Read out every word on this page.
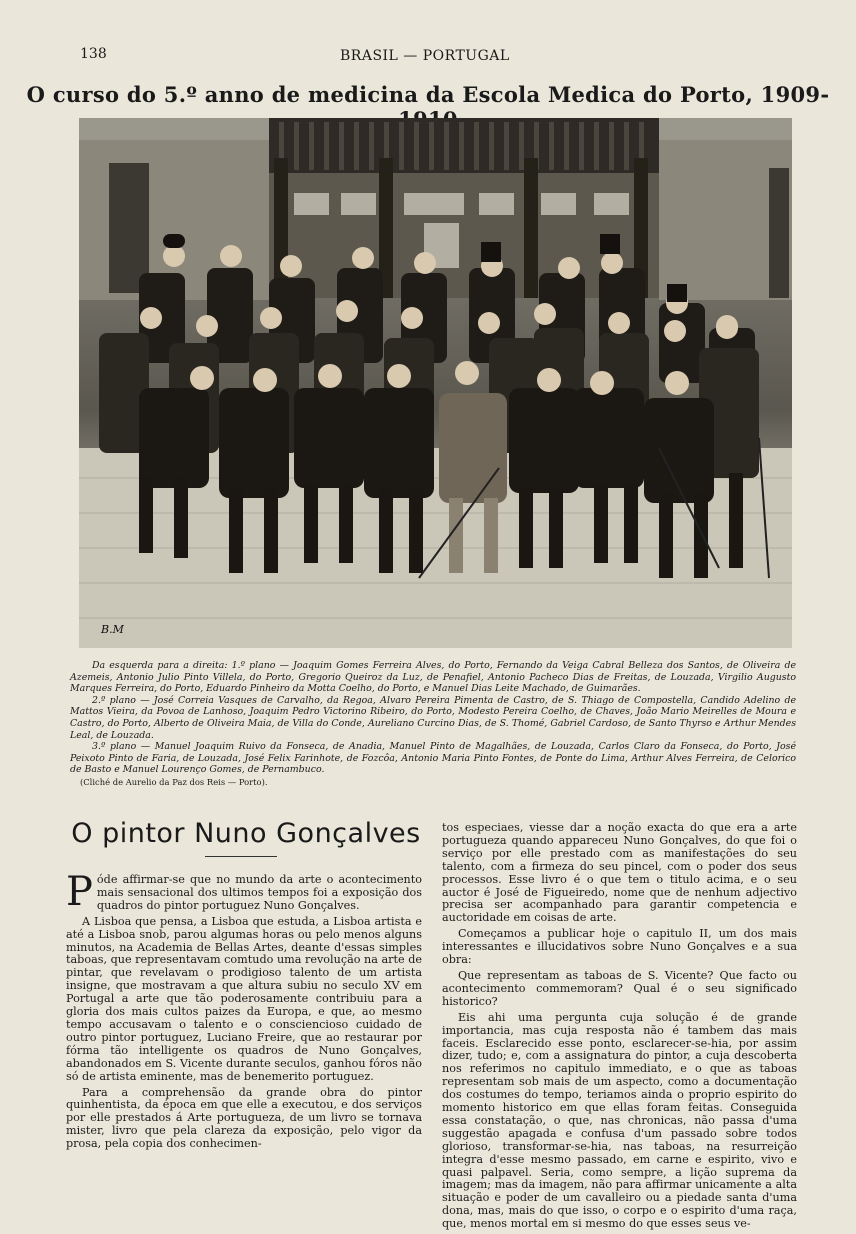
138	BRASIL — PORTUGAL
O curso do 5.º anno de medicina da Escola Medica do Porto, 1909-
B.M

Da esquerda para a direita: 1.º plano — Joaquim Gomes Ferreira Alves, do Porto, Fernando da Veiga Cabral Belleza dos Santos, de Oliveira de Azemeis, Antonio Julio Pinto Villela, do Porto, Gregorio Queiroz da Luz, de Penafiel, Antonio Pacheco Dias de Freitas, de Louzada, Virgilio Augusto Marques Ferreira, do Porto, Eduardo Pinheiro da Motta Coelho, do Porto, e Manuel Dias Leite Machado, de Guimarães.

2.º plano — José Correia Vasques de Carvalho, da Regoa, Alvaro Pereira Pimenta de Castro, de S. Thiago de Compostella, Candido Adelino de Mattos Vieira, da Povoa de Lanhoso, Joaquim Pedro Victorino Ribeiro, do Porto, Modesto Pereira Coelho, de Chaves, João Mario Meirelles de Moura e Castro, do Porto, Alberto de Oliveira Maia, de Villa do Conde, Aureliano Curcino Dias, de S. Thomé, Gabriel Cardoso, de Santo Thyrso e Arthur Mendes Leal, de Louzada.

3.º plano — Manuel Joaquim Ruivo da Fonseca, de Anadia, Manuel Pinto de Magalhães, de Louzada, Carlos Claro da Fonseca, do Porto, José Peixoto Pinto de Faria, de Louzada, José Felix Farinhote, de Fozcôa, Antonio Maria Pinto Fontes, de Ponte do Lima, Arthur Alves Ferreira, de Celorico de Basto e Manuel Lourenço Gomes, de Pernambuco.

(Cliché de Aurelio da Paz dos Reis — Porto).

O pintor Nuno Gonçalves

Póde affirmar-se que no mundo da arte o acontecimento mais sensacional dos ultimos tempos foi a exposição dos quadros do pintor portuguez Nuno Gonçalves.

A Lisboa que pensa, a Lisboa que estuda, a Lisboa artista e até a Lisboa snob, parou algumas horas ou pelo menos alguns minutos, na Academia de Bellas Artes, deante d'essas simples taboas, que representavam comtudo uma revolução na arte de pintar, que revelavam o prodigioso talento de um artista insigne, que mostravam a que altura subiu no seculo XV em Portugal a arte que tão poderosamente contribuiu para a gloria dos mais cultos paizes da Europa, e que, ao mesmo tempo accusavam o talento e o consciencioso cuidado de outro pintor portuguez, Luciano Freire, que ao restaurar por fórma tão intelligente os quadros de Nuno Gonçalves, abandonados em S. Vicente durante seculos, ganhou fóros não só de artista eminente, mas de benemerito portuguez.

Para a comprehensão da grande obra do pintor quinhentista, da época em que elle a executou, e dos serviços por elle prestados á Arte portugueza, de um livro se tornava mister, livro que pela clareza da exposição, pelo vigor da prosa, pela copia dos conhecimen-

tos especiaes, viesse dar a noção exacta do que era a arte portugueza quando appareceu Nuno Gonçalves, do que foi o serviço por elle prestado com as manifestações do seu talento, com a firmeza do seu pincel, com o poder dos seus processos. Esse livro é o que tem o titulo acima, e o seu auctor é José de Figueiredo, nome que de nenhum adjectivo precisa ser acompanhado para garantir competencia e auctoridade em coisas de arte.

Começamos a publicar hoje o capitulo II, um dos mais interessantes e illucidativos sobre Nuno Gonçalves e a sua obra:

Que representam as taboas de S. Vicente? Que facto ou acontecimento commemoram? Qual é o seu significado historico?

Eis ahi uma pergunta cuja solução é de grande importancia, mas cuja resposta não é tambem das mais faceis. Esclarecido esse ponto, esclarecer-se-hia, por assim dizer, tudo; e, com a assignatura do pintor, a cuja descoberta nos referimos no capitulo immediato, e o que as taboas representam sob mais de um aspecto, como a documentação dos costumes do tempo, teriamos ainda o proprio espirito do momento historico em que ellas foram feitas. Conseguida essa constatação, o que, nas chronicas, não passa d'uma suggestão apagada e confusa d'um passado sobre todos glorioso, transformar-se-hia, nas taboas, na resurreição integra d'esse mesmo passado, em carne e espirito, vivo e quasi palpavel. Seria, como sempre, a lição suprema da imagem; mas da imagem, não para affirmar unicamente a alta situação e poder de um cavalleiro ou a piedade santa d'uma dona, mas, mais do que isso, o corpo e o espirito d'uma raça, que, menos mortal em si mesmo do que esses seus ve-
